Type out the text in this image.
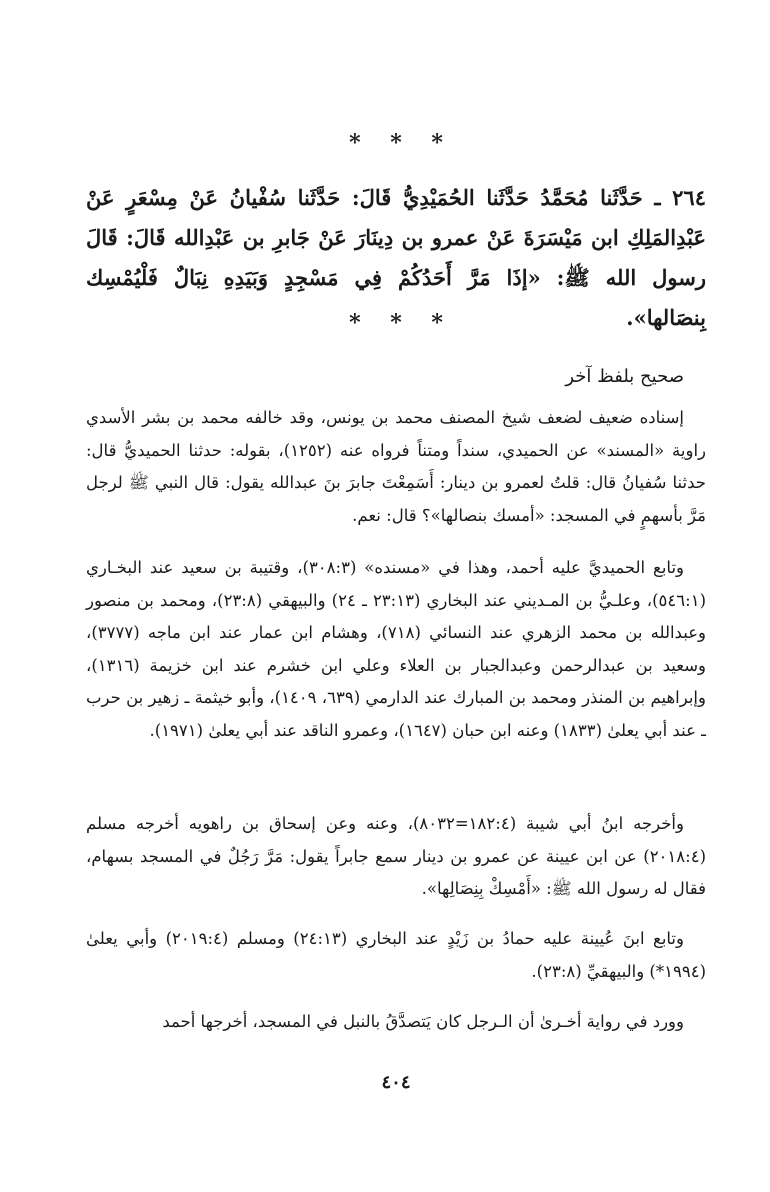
* * *
٢٦٤ ـ حَدَّثَنا مُحَمَّدُ حَدَّثَنا الحُمَيْدِيُّ قَالَ: حَدَّثَنا سُفْيانُ عَنْ مِسْعَرٍ عَنْ عَبْدِالمَلِكِ ابن مَيْسَرَةَ عَنْ عمرو بن دِينَارَ عَنْ جَابرِ بن عَبْدِالله قَالَ: قَالَ رسول الله ﷺ: «إذَا مَرَّ أَحَدُكُمْ فِي مَسْجِدٍ وَبَيَدِهِ نِبَالٌ فَلْيُمْسِك بِنصَالها».
* * *
صحيح بلفظ آخر

إسناده ضعيف لضعف شيخ المصنف محمد بن يونس، وقد خالفه محمد بن بشر الأسدي راوية «المسند» عن الحميدي، سنداً ومتناً فرواه عنه (١٢٥٢)، بقوله: حدثنا الحميديُّ قال: حدثنا سُفيانُ قال: قلتُ لعمرو بن دينار: أَسَمِعْتَ جابرَ بنَ عبدالله يقول: قال النبي ﷺ لرجل مَرَّ بأسهمٍ في المسجد: «أمسك بنصالها»؟ قال: نعم.

وتابع الحميديَّ عليه أحمد، وهذا في «مسنده» (٣٠٨:٣)، وقتيبة بن سعيد عند البخـاري (٥٤٦:١)، وعلـيُّ بن المـديني عند البخاري (٢٣:١٣ ـ ٢٤) والبيهقي (٢٣:٨)، ومحمد بن منصور وعبدالله بن محمد الزهري عند النسائي (٧١٨)، وهشام ابن عمار عند ابن ماجه (٣٧٧٧)، وسعيد بن عبدالرحمن وعبدالجبار بن العلاء وعلي ابن خشرم عند ابن خزيمة (١٣١٦)، وإبراهيم بن المنذر ومحمد بن المبارك عند الدارمي (٦٣٩، ١٤٠٩)، وأبو خيثمة ـ زهير بن حرب ـ عند أبي يعلىٰ (١٨٣٣) وعنه ابن حبان (١٦٤٧)، وعمرو الناقد عند أبي يعلىٰ (١٩٧١).

وأخرجه ابنُ أبي شيبة (١٨٢:٤=٨٠٣٢)، وعنه وعن إسحاق بن راهويه أخرجه مسلم (٢٠١٨:٤) عن ابن عيينة عن عمرو بن دينار سمع جابراً يقول: مَرَّ رَجُلٌ في المسجد بسهام، فقال له رسول الله ﷺ: «أَمْسِكْ بِنِصَالِها».

وتابع ابنَ عُيينة عليه حمادُ بن زَيْدٍ عند البخاري (٢٤:١٣) ومسلم (٢٠١٩:٤) وأبي يعلىٰ (١٩٩٤*) والبيهقيِّ (٢٣:٨).

وورد في رواية أخـرىٰ أن الـرجل كان يَتصدَّقُ بالنبل في المسجد، أخرجها أحمد

٤٠٤
